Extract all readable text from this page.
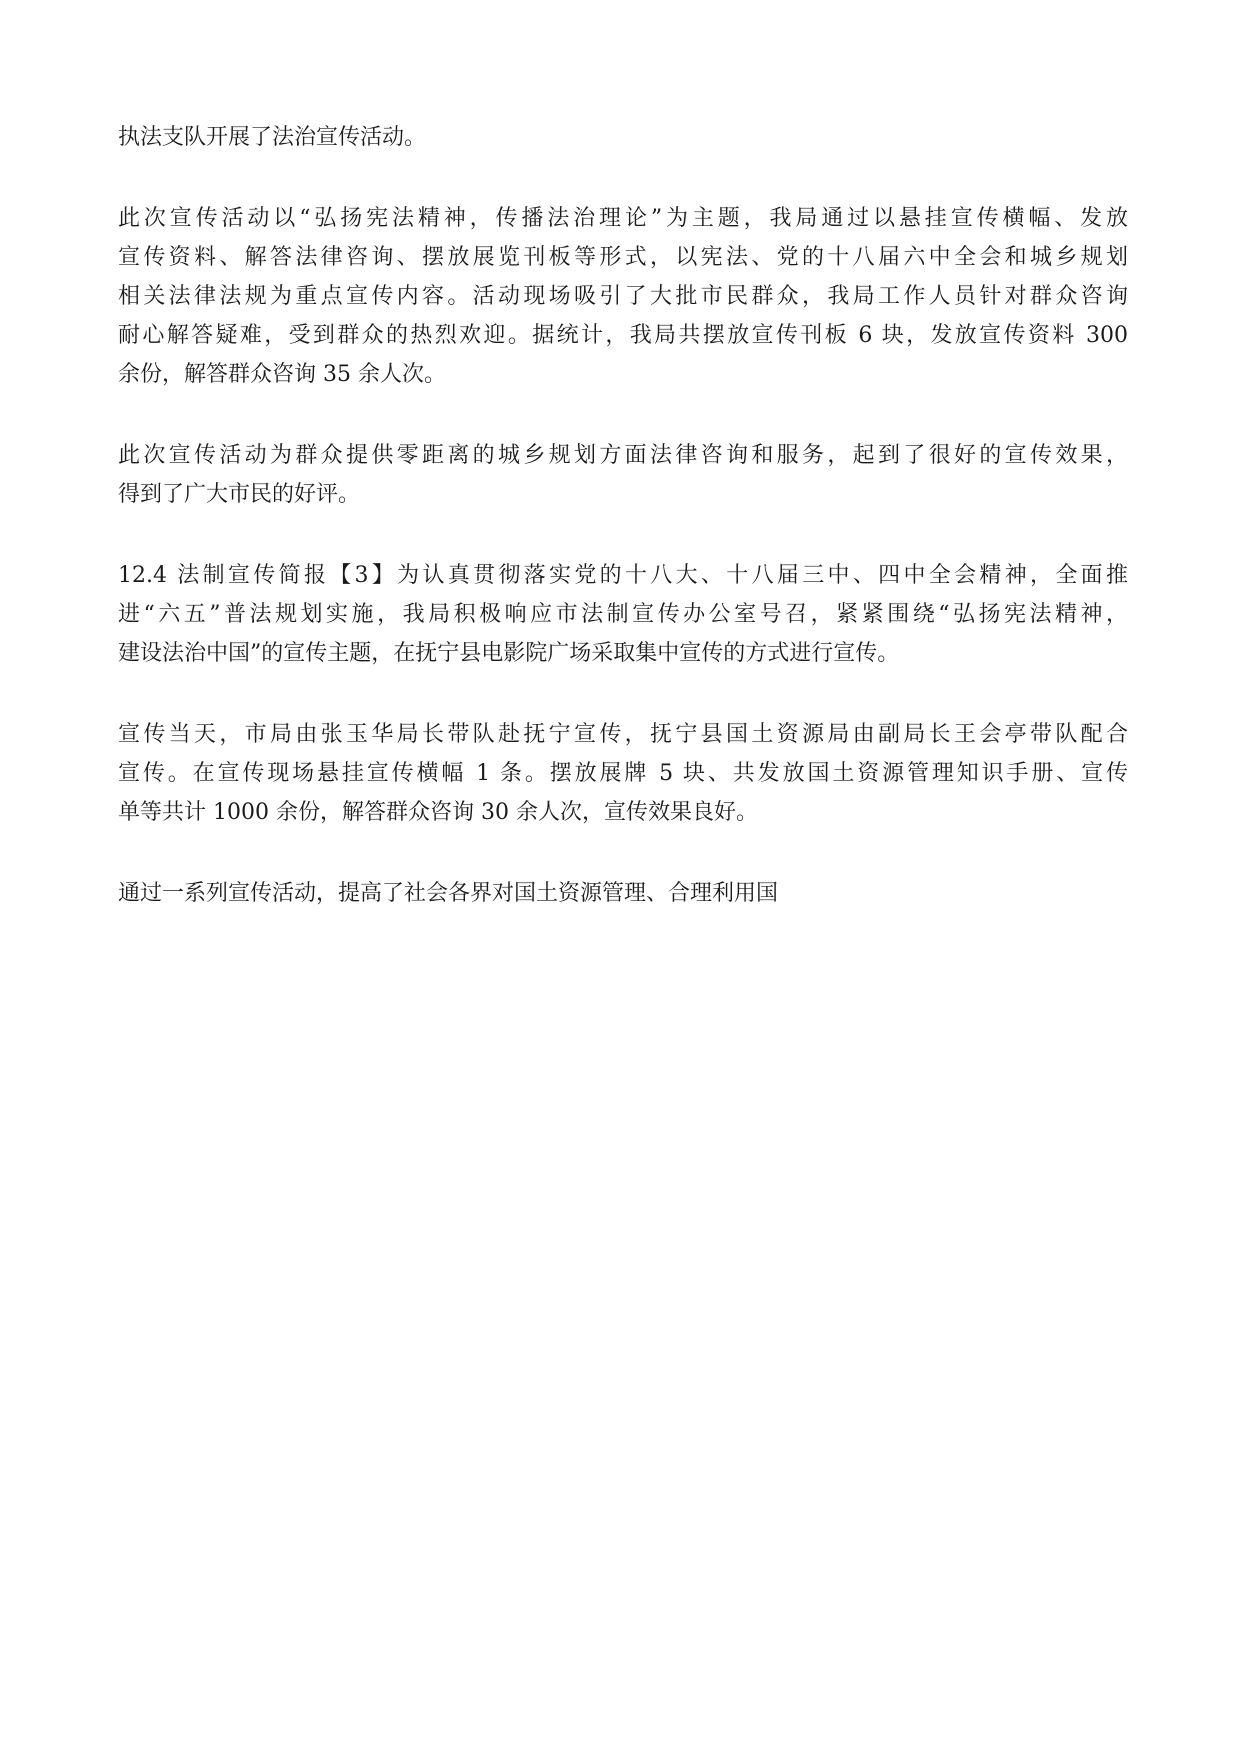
执法支队开展了法治宣传活动。

此次宣传活动以“弘扬宪法精神，传播法治理论”为主题，我局通过以悬挂宣传横幅、发放
宣传资料、解答法律咨询、摆放展览刊板等形式，以宪法、党的十八届六中全会和城乡规划
相关法律法规为重点宣传内容。活动现场吸引了大批市民群众，我局工作人员针对群众咨询
耐心解答疑难，受到群众的热烈欢迎。据统计，我局共摆放宣传刊板 6 块，发放宣传资料 300
余份，解答群众咨询 35 余人次。

此次宣传活动为群众提供零距离的城乡规划方面法律咨询和服务，起到了很好的宣传效果，
得到了广大市民的好评。

12.4 法制宣传简报【3】为认真贯彻落实党的十八大、十八届三中、四中全会精神，全面推
进“六五”普法规划实施，我局积极响应市法制宣传办公室号召，紧紧围绕“弘扬宪法精神，
建设法治中国”的宣传主题，在抚宁县电影院广场采取集中宣传的方式进行宣传。

宣传当天，市局由张玉华局长带队赴抚宁宣传，抚宁县国土资源局由副局长王会亭带队配合
宣传。在宣传现场悬挂宣传横幅 1 条。摆放展牌 5 块、共发放国土资源管理知识手册、宣传
单等共计 1000 余份，解答群众咨询 30 余人次，宣传效果良好。

通过一系列宣传活动，提高了社会各界对国土资源管理、合理利用国
